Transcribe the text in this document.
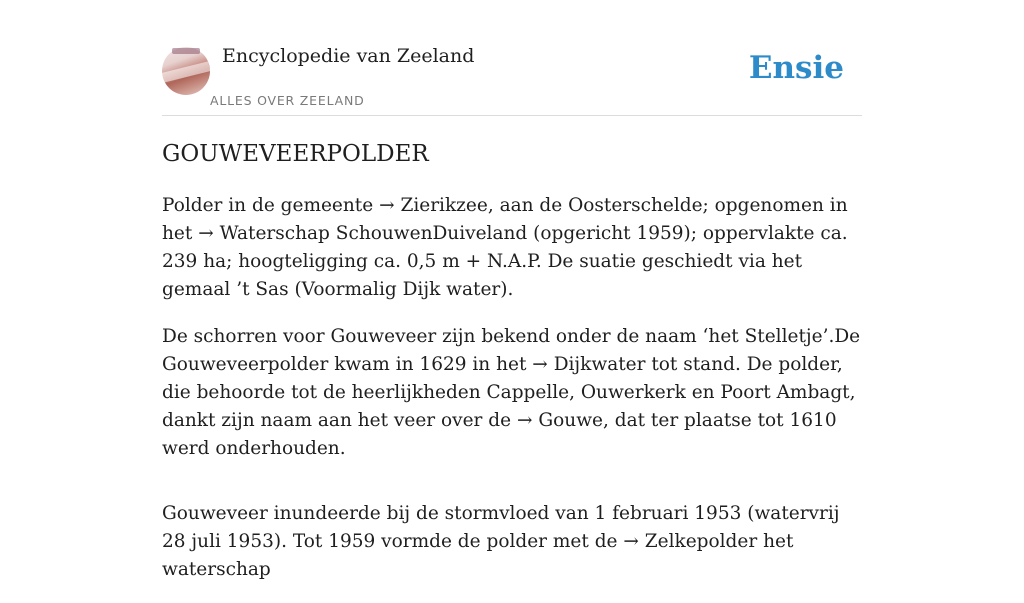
Encyclopedie van Zeeland
ALLES OVER ZEELAND
Ensie
GOUWEVEERPOLDER

Polder in de gemeente → Zierikzee, aan de Oosterschelde; opgenomen in het → Waterschap SchouwenDuiveland (opgericht 1959); oppervlakte ca. 239 ha; hoogteligging ca. 0,5 m + N.A.P. De suatie geschiedt via het gemaal ’t Sas (Voormalig Dijk water).

De schorren voor Gouweveer zijn bekend onder de naam ‘het Stelletje’.De Gouweveerpolder kwam in 1629 in het → Dijkwater tot stand. De polder, die behoorde tot de heerlijkheden Cappelle, Ouwerkerk en Poort Ambagt, dankt zijn naam aan het veer over de → Gouwe, dat ter plaatse tot 1610 werd onderhouden.

Gouweveer inundeerde bij de stormvloed van 1 februari 1953 (watervrij 28 juli 1953). Tot 1959 vormde de polder met de → Zelkepolder het waterschap
